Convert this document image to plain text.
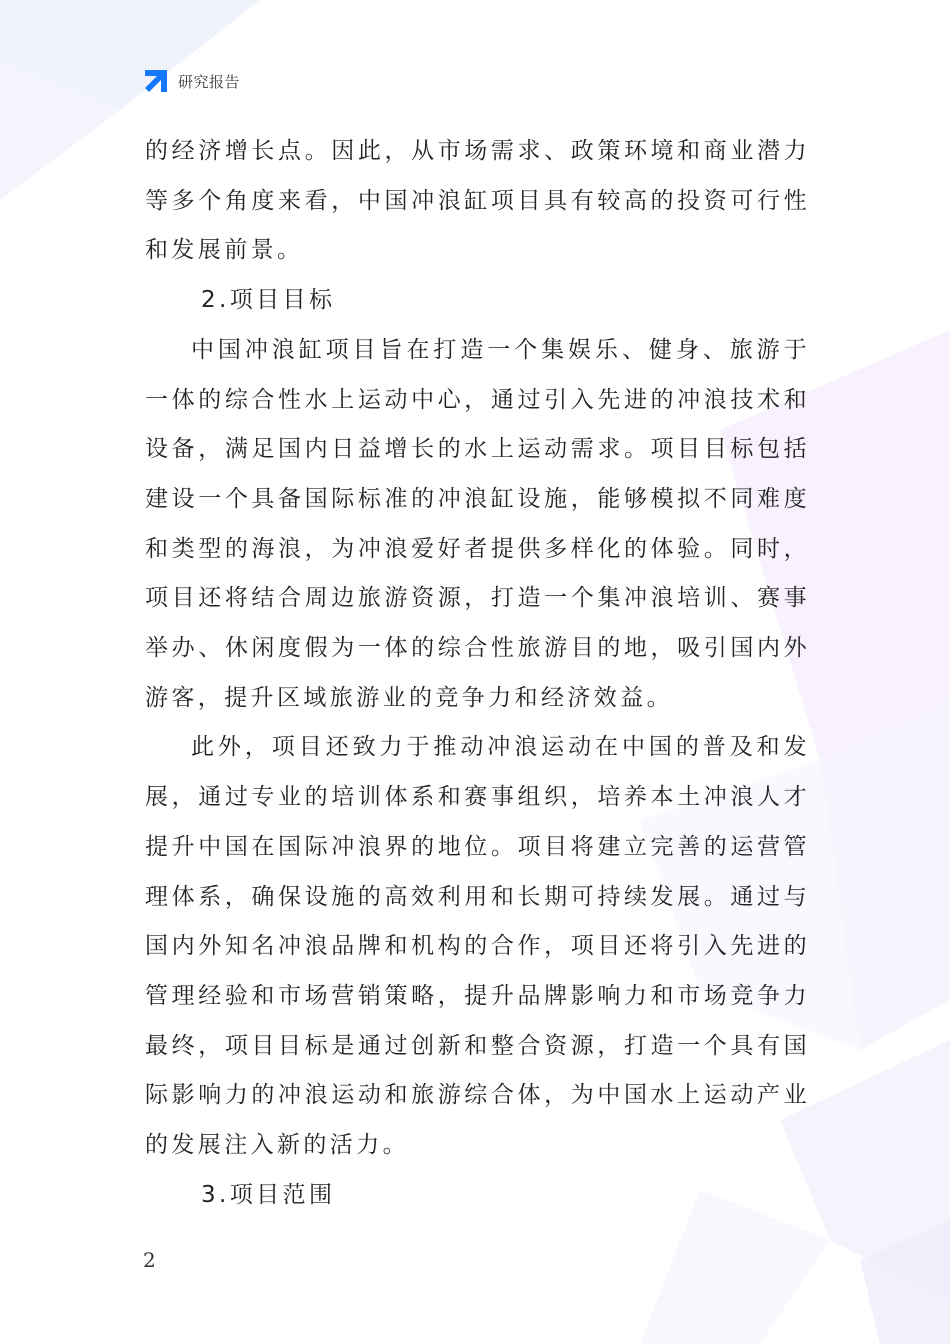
研究报告

的经济增长点。因此，从市场需求、政策环境和商业潜力等多个角度来看，中国冲浪缸项目具有较高的投资可行性和发展前景。

2.项目目标

中国冲浪缸项目旨在打造一个集娱乐、健身、旅游于一体的综合性水上运动中心，通过引入先进的冲浪技术和设备，满足国内日益增长的水上运动需求。项目目标包括建设一个具备国际标准的冲浪缸设施，能够模拟不同难度和类型的海浪，为冲浪爱好者提供多样化的体验。同时，项目还将结合周边旅游资源，打造一个集冲浪培训、赛事举办、休闲度假为一体的综合性旅游目的地，吸引国内外游客，提升区域旅游业的竞争力和经济效益。

此外，项目还致力于推动冲浪运动在中国的普及和发展，通过专业的培训体系和赛事组织，培养本土冲浪人才提升中国在国际冲浪界的地位。项目将建立完善的运营管理体系，确保设施的高效利用和长期可持续发展。通过与国内外知名冲浪品牌和机构的合作，项目还将引入先进的管理经验和市场营销策略，提升品牌影响力和市场竞争力最终，项目目标是通过创新和整合资源，打造一个具有国际影响力的冲浪运动和旅游综合体，为中国水上运动产业的发展注入新的活力。

3.项目范围

2
